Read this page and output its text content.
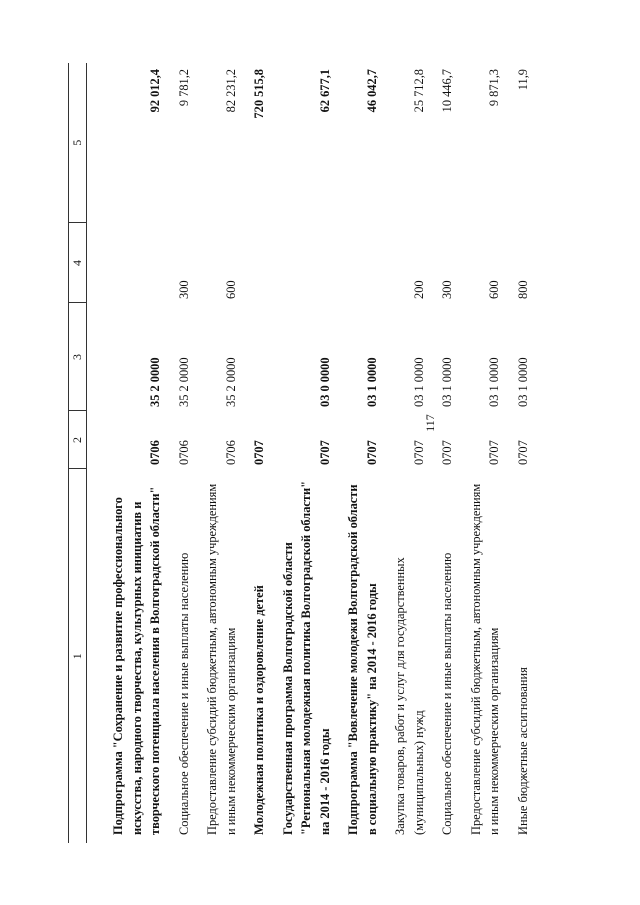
117
1	2	3	4	5

Подпрограмма "Сохранение и развитие профессионального искусства, народного творчества, культурных инициатив и творческого потенциала населения в Волгоградской области"	0706	35 2 0000		92 012,4
Социальное обеспечение и иные выплаты населению	0706	35 2 0000	300	9 781,2
Предоставление субсидий бюджетным, автономным учреждениям и иным некоммерческим организациям	0706	35 2 0000	600	82 231,2
Молодежная политика и оздоровление детей	0707			720 515,8
Государственная программа Волгоградской области "Региональная молодежная политика Волгоградской области" на 2014 - 2016 годы	0707	03 0 0000		62 677,1
Подпрограмма "Вовлечение молодежи Волгоградской области в социальную практику" на 2014 - 2016 годы	0707	03 1 0000		46 042,7
Закупка товаров, работ и услуг для государственных (муниципальных) нужд	0707	03 1 0000	200	25 712,8
Социальное обеспечение и иные выплаты населению	0707	03 1 0000	300	10 446,7
Предоставление субсидий бюджетным, автономным учреждениям и иным некоммерческим организациям	0707	03 1 0000	600	9 871,3
Иные бюджетные ассигнования	0707	03 1 0000	800	11,9
